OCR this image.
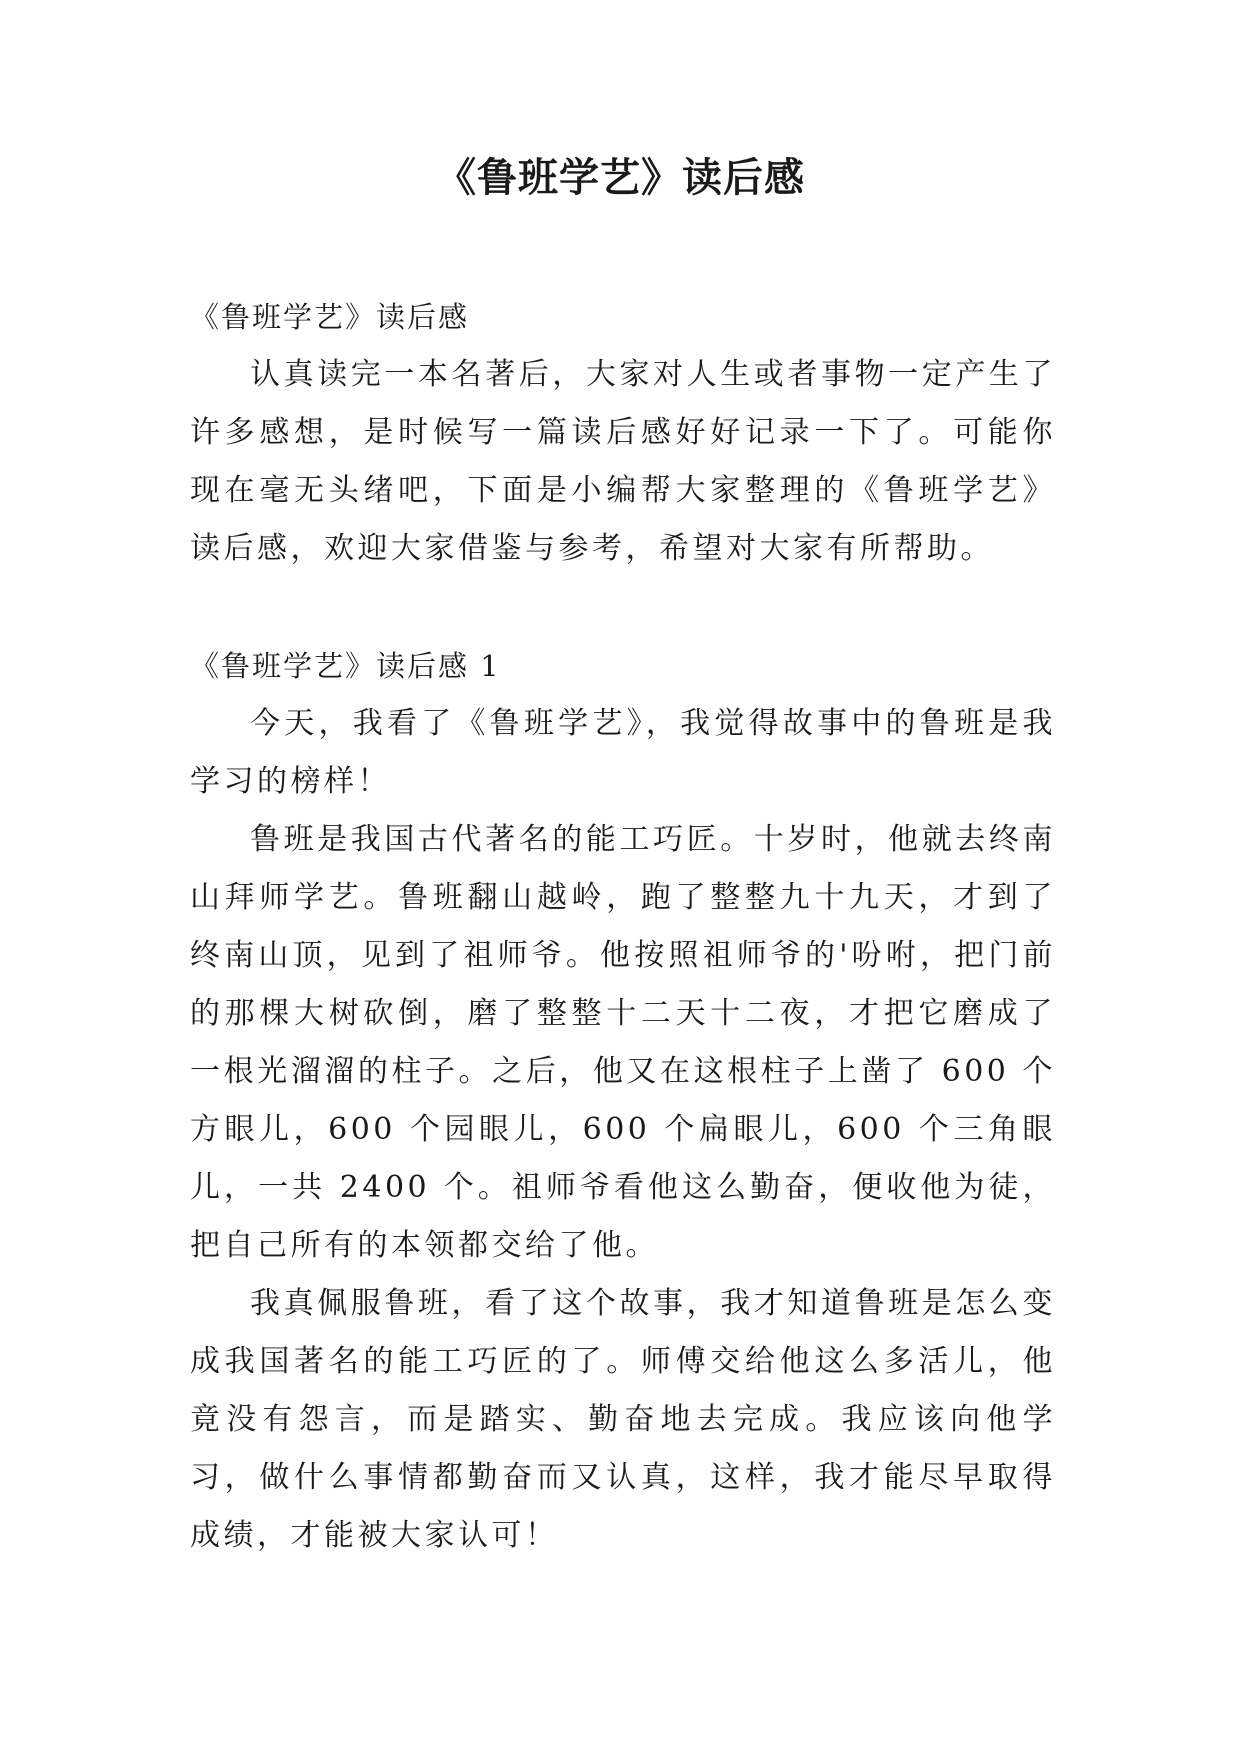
《鲁班学艺》读后感

《鲁班学艺》读后感

认真读完一本名著后，大家对人生或者事物一定产生了许多感想，是时候写一篇读后感好好记录一下了。可能你现在毫无头绪吧，下面是小编帮大家整理的《鲁班学艺》读后感，欢迎大家借鉴与参考，希望对大家有所帮助。

《鲁班学艺》读后感 1

今天，我看了《鲁班学艺》，我觉得故事中的鲁班是我学习的榜样！

鲁班是我国古代著名的能工巧匠。十岁时，他就去终南山拜师学艺。鲁班翻山越岭，跑了整整九十九天，才到了终南山顶，见到了祖师爷。他按照祖师爷的'吩咐，把门前的那棵大树砍倒，磨了整整十二天十二夜，才把它磨成了一根光溜溜的柱子。之后，他又在这根柱子上凿了 600 个方眼儿，600 个园眼儿，600 个扁眼儿，600 个三角眼儿，一共 2400 个。祖师爷看他这么勤奋，便收他为徒，把自己所有的本领都交给了他。

我真佩服鲁班，看了这个故事，我才知道鲁班是怎么变成我国著名的能工巧匠的了。师傅交给他这么多活儿，他竟没有怨言，而是踏实、勤奋地去完成。我应该向他学习，做什么事情都勤奋而又认真，这样，我才能尽早取得成绩，才能被大家认可！
